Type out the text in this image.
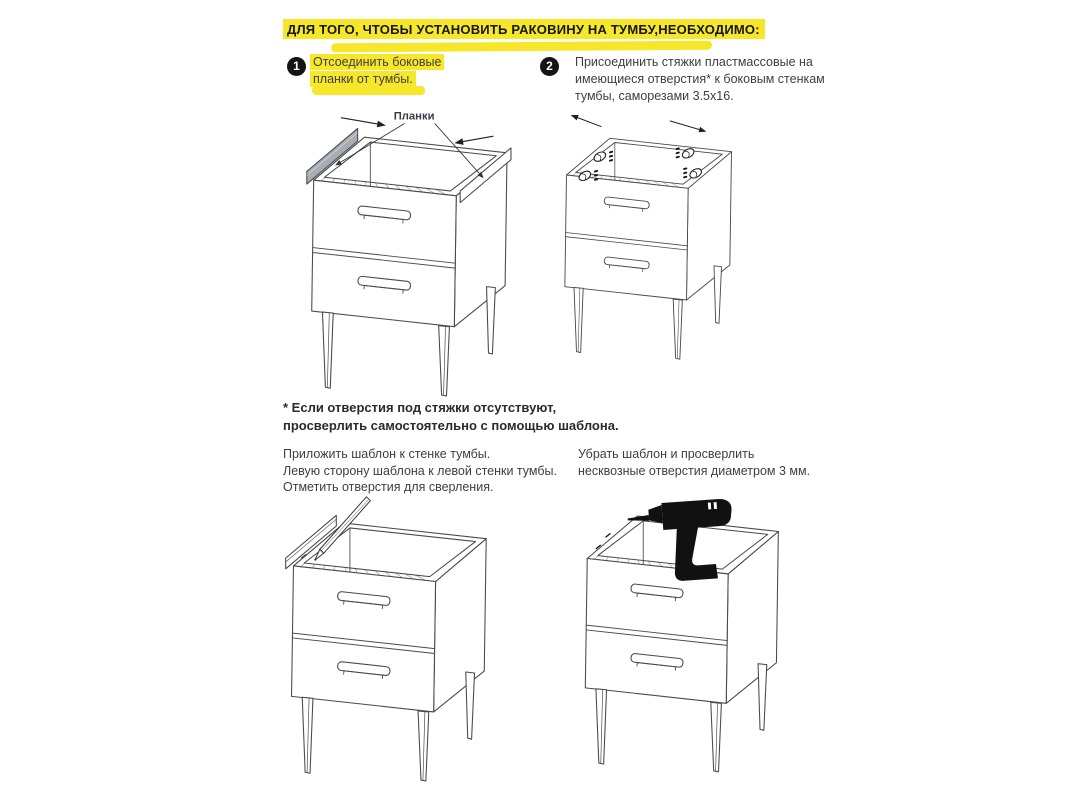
ДЛЯ ТОГО, ЧТОБЫ УСТАНОВИТЬ РАКОВИНУ НА ТУМБУ,НЕОБХОДИМО:
1	Отсоединить боковые
планки от тумбы.
2	Присоединить стяжки пластмассовые на
имеющиеся отверстия* к боковым стенкам
тумбы, саморезами 3.5х16.
Планки
* Если отверстия под стяжки отсутствуют,
просверлить самостоятельно с помощью шаблона.
Приложить шаблон к стенке тумбы.
Левую сторону шаблона к левой стенки тумбы.
Отметить отверстия для сверления.
Убрать шаблон и просверлить
несквозные отверстия диаметром 3 мм.
